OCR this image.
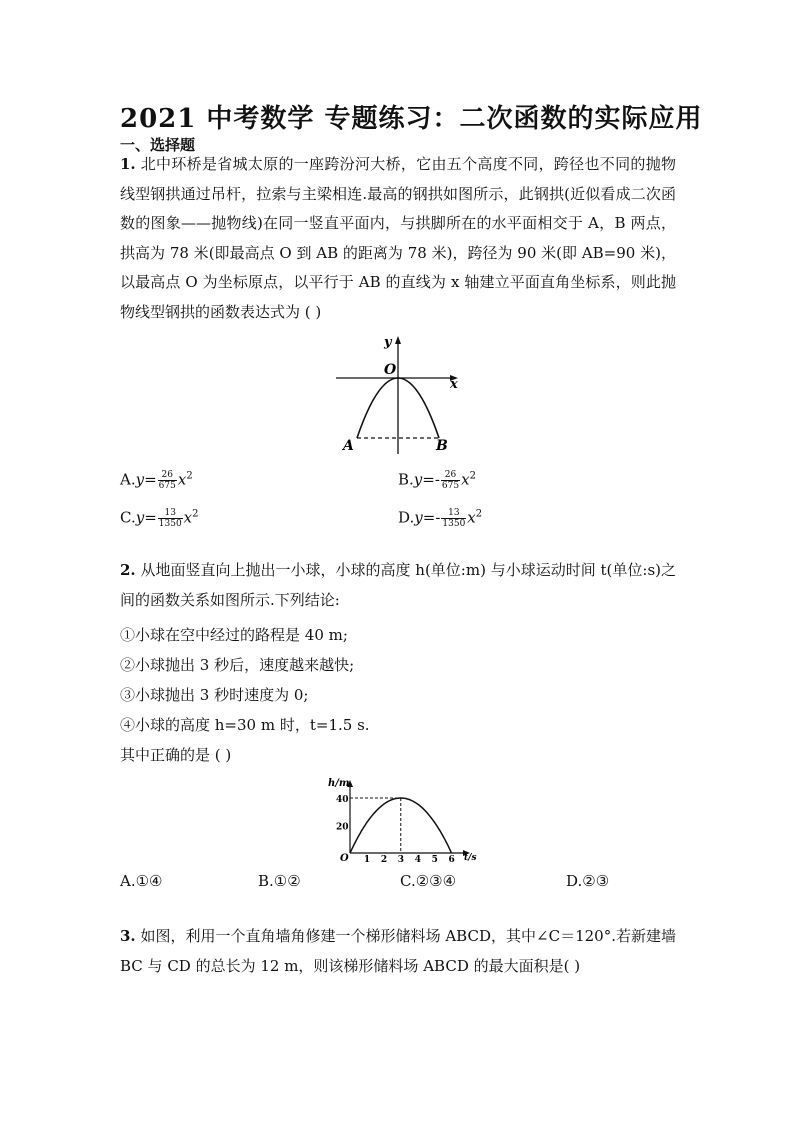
2021 中考数学 专题练习：二次函数的实际应用
一、选择题
1. 北中环桥是省城太原的一座跨汾河大桥，它由五个高度不同，跨径也不同的抛物线型钢拱通过吊杆，拉索与主梁相连.最高的钢拱如图所示，此钢拱(近似看成二次函数的图象——抛物线)在同一竖直平面内，与拱脚所在的水平面相交于 A，B 两点，拱高为 78 米(即最高点 O 到 AB 的距离为 78 米)，跨径为 90 米(即 AB=90 米)，以最高点 O 为坐标原点，以平行于 AB 的直线为 x 轴建立平面直角坐标系，则此抛物线型钢拱的函数表达式为 ( )
y
x
O
A	B
$A.y= \frac{26}{675} x^2$	$B.y=- \frac{26}{675} x^2$
$C.y= \frac{13}{1350} x^2$	$D.y=- \frac{13}{1350} x^2$
2. 从地面竖直向上抛出一小球，小球的高度 h(单位:m) 与小球运动时间 t(单位:s)之间的函数关系如图所示.下列结论:
①小球在空中经过的路程是 40 m;
②小球抛出 3 秒后，速度越来越快;
③小球抛出 3 秒时速度为 0;
④小球的高度 h=30 m 时，t=1.5 s.
其中正确的是 ( )
h/m
t/s
O
20
40
1 2 3 4 5 6
A.①④	B.①②	C.②③④	D.②③
3. 如图，利用一个直角墙角修建一个梯形储料场 ABCD，其中∠C＝120°.若新建墙 BC 与 CD 的总长为 12 m，则该梯形储料场 ABCD 的最大面积是( )
